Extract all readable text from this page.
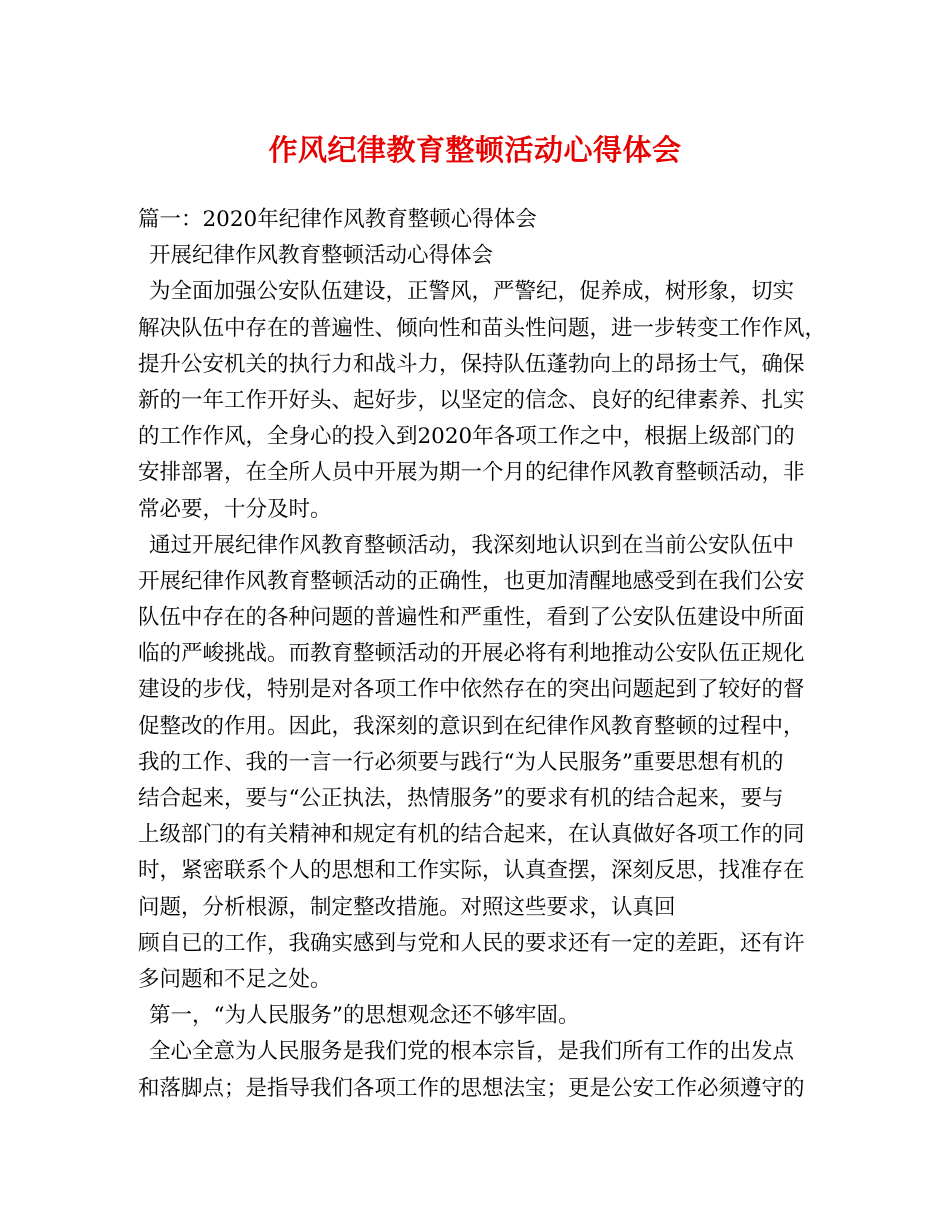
作风纪律教育整顿活动心得体会
篇一：2020年纪律作风教育整顿心得体会
开展纪律作风教育整顿活动心得体会
为全面加强公安队伍建设，正警风，严警纪，促养成，树形象，切实
解决队伍中存在的普遍性、倾向性和苗头性问题，进一步转变工作作风，
提升公安机关的执行力和战斗力，保持队伍蓬勃向上的昂扬士气，确保
新的一年工作开好头、起好步，以坚定的信念、良好的纪律素养、扎实
的工作作风，全身心的投入到2020年各项工作之中，根据上级部门的
安排部署，在全所人员中开展为期一个月的纪律作风教育整顿活动，非
常必要，十分及时。
通过开展纪律作风教育整顿活动，我深刻地认识到在当前公安队伍中
开展纪律作风教育整顿活动的正确性，也更加清醒地感受到在我们公安
队伍中存在的各种问题的普遍性和严重性，看到了公安队伍建设中所面
临的严峻挑战。而教育整顿活动的开展必将有利地推动公安队伍正规化
建设的步伐，特别是对各项工作中依然存在的突出问题起到了较好的督
促整改的作用。因此，我深刻的意识到在纪律作风教育整顿的过程中，
我的工作、我的一言一行必须要与践行“为人民服务”重要思想有机的
结合起来，要与“公正执法，热情服务”的要求有机的结合起来，要与
上级部门的有关精神和规定有机的结合起来，在认真做好各项工作的同
时，紧密联系个人的思想和工作实际，认真查摆，深刻反思，找准存在
问题，分析根源，制定整改措施。对照这些要求，认真回
顾自已的工作，我确实感到与党和人民的要求还有一定的差距，还有许
多问题和不足之处。
第一，“为人民服务”的思想观念还不够牢固。
全心全意为人民服务是我们党的根本宗旨，是我们所有工作的出发点
和落脚点；是指导我们各项工作的思想法宝；更是公安工作必须遵守的
